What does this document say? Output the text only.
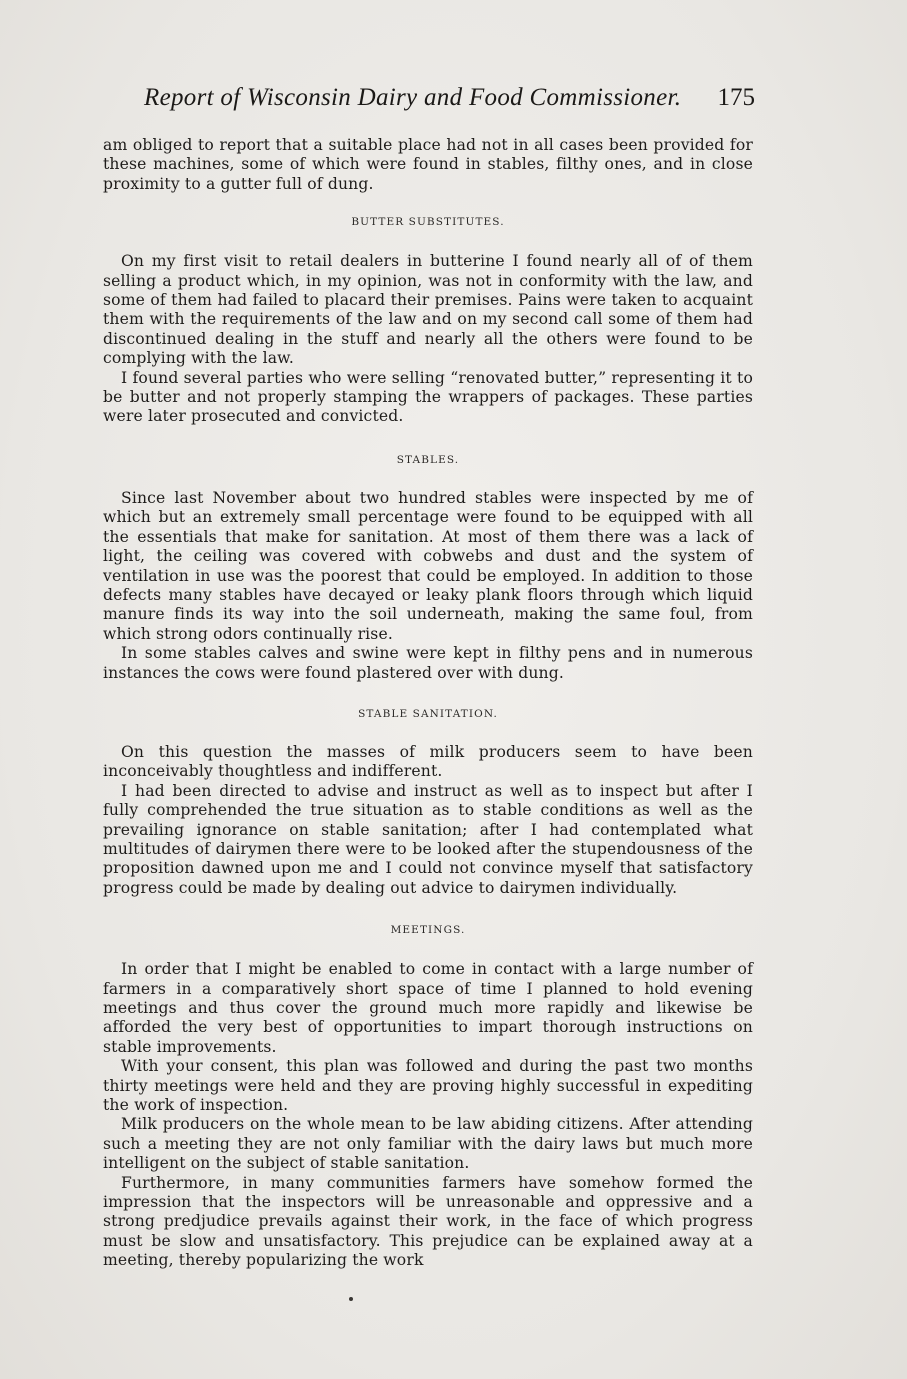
Report of Wisconsin Dairy and Food Commissioner. 175

am obliged to report that a suitable place had not in all cases been provided for these machines, some of which were found in stables, filthy ones, and in close proximity to a gutter full of dung.

BUTTER SUBSTITUTES.

On my first visit to retail dealers in butterine I found nearly all of of them selling a product which, in my opinion, was not in conformity with the law, and some of them had failed to placard their premises. Pains were taken to acquaint them with the requirements of the law and on my second call some of them had discontinued dealing in the stuff and nearly all the others were found to be complying with the law.

I found several parties who were selling “renovated butter,” representing it to be butter and not properly stamping the wrappers of packages. These parties were later prosecuted and convicted.

STABLES.

Since last November about two hundred stables were inspected by me of which but an extremely small percentage were found to be equipped with all the essentials that make for sanitation. At most of them there was a lack of light, the ceiling was covered with cobwebs and dust and the system of ventilation in use was the poorest that could be employed. In addition to those defects many stables have decayed or leaky plank floors through which liquid manure finds its way into the soil underneath, making the same foul, from which strong odors continually rise.

In some stables calves and swine were kept in filthy pens and in numerous instances the cows were found plastered over with dung.

STABLE SANITATION.

On this question the masses of milk producers seem to have been inconceivably thoughtless and indifferent.

I had been directed to advise and instruct as well as to inspect but after I fully comprehended the true situation as to stable conditions as well as the prevailing ignorance on stable sanitation; after I had contemplated what multitudes of dairymen there were to be looked after the stupendousness of the proposition dawned upon me and I could not convince myself that satisfactory progress could be made by dealing out advice to dairymen individually.

MEETINGS.

In order that I might be enabled to come in contact with a large number of farmers in a comparatively short space of time I planned to hold evening meetings and thus cover the ground much more rapidly and likewise be afforded the very best of opportunities to impart thorough instructions on stable improvements.

With your consent, this plan was followed and during the past two months thirty meetings were held and they are proving highly successful in expediting the work of inspection.

Milk producers on the whole mean to be law abiding citizens. After attending such a meeting they are not only familiar with the dairy laws but much more intelligent on the subject of stable sanitation.

Furthermore, in many communities farmers have somehow formed the impression that the inspectors will be unreasonable and oppressive and a strong predjudice prevails against their work, in the face of which progress must be slow and unsatisfactory. This prejudice can be explained away at a meeting, thereby popularizing the work
